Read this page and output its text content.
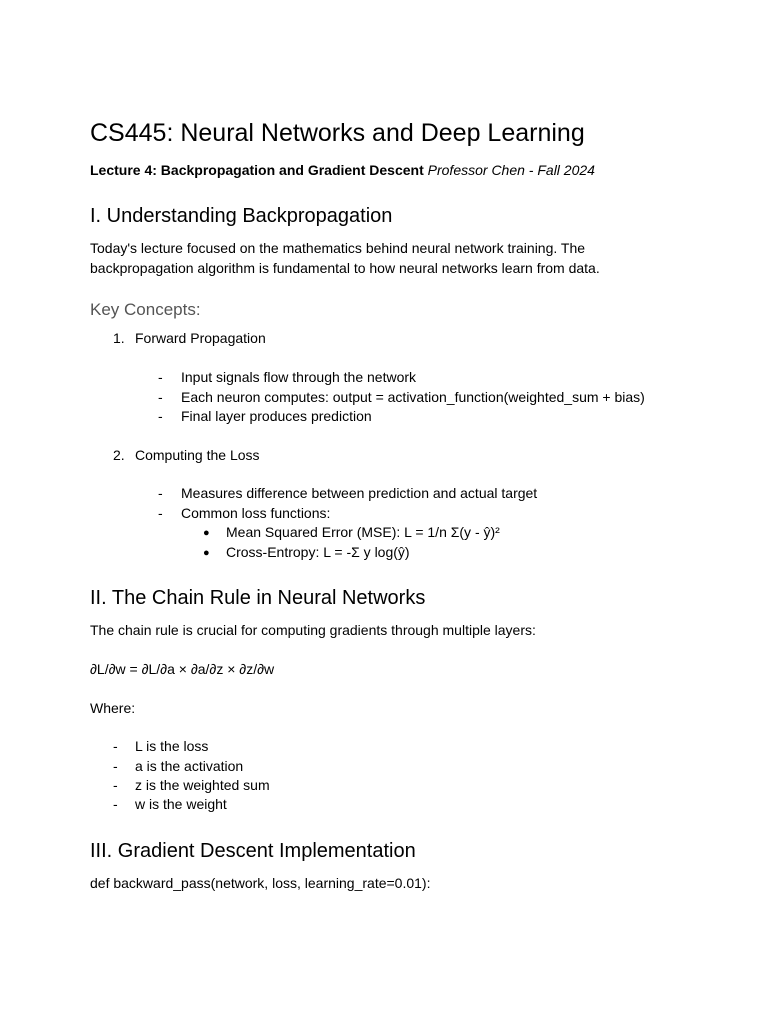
CS445: Neural Networks and Deep Learning
Lecture 4: Backpropagation and Gradient Descent Professor Chen - Fall 2024
I. Understanding Backpropagation
Today's lecture focused on the mathematics behind neural network training. The backpropagation algorithm is fundamental to how neural networks learn from data.
Key Concepts:
1. Forward Propagation
- Input signals flow through the network
- Each neuron computes: output = activation_function(weighted_sum + bias)
- Final layer produces prediction
2. Computing the Loss
- Measures difference between prediction and actual target
- Common loss functions:
● Mean Squared Error (MSE): L = 1/n Σ(y - ŷ)²
● Cross-Entropy: L = -Σ y log(ŷ)
II. The Chain Rule in Neural Networks
The chain rule is crucial for computing gradients through multiple layers:
∂L/∂w = ∂L/∂a × ∂a/∂z × ∂z/∂w
Where:
- L is the loss
- a is the activation
- z is the weighted sum
- w is the weight
III. Gradient Descent Implementation
def backward_pass(network, loss, learning_rate=0.01):
